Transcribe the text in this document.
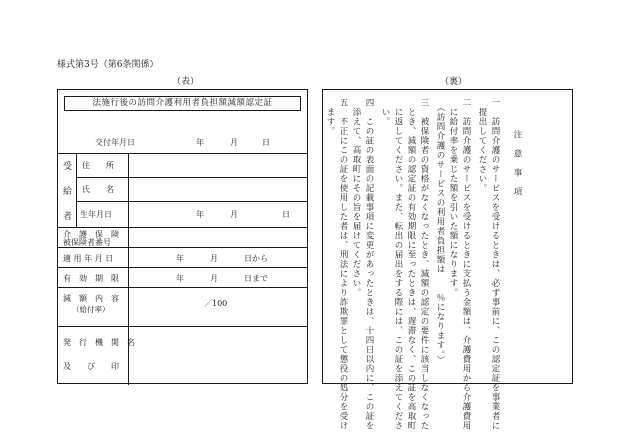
様式第3号（第6条関係）
（表）	（裏）
法施行後の訪問介護利用者負担額減額認定証
交付年月日	年	月	日
受
給
者
住　　所
氏　　名
生年月日	年	月	日
介　護　保　険
被保険者番号
適 用 年 月 日	年	月	日から
有　効　期　限	年	月	日まで
減　額　内　容
（給付率）
／100
発　行　機　関　名
及　　び　　印
注　意　事　項
一　訪問介護のサービスを受けるときは、必ず事前に、この認定証を事業者に
　提出してください。
二　訪問介護のサービスを受けるときに支払う金額は、介護費用から介護費用
　に給付率を乗じた額を引いた額になります。
　（訪問介護のサービスの利用者負担額は　　％になります。）
三　被保険者の資格がなくなったとき、減額の認定の要件に該当しなくなった
　とき、減額の認定証の有効期限に至ったときは、遅滞なく、この証を高取町
　に返してください。また、転出の届出をする際には、この証を添えてくださ
　い。
四　この証の表面の記載事項に変更があったときは、十四日以内に、この証を
　添えて、高取町にその旨を届けてください。
五　不正にこの証を使用した者は、刑法により詐欺罪として懲役の処分を受け
　ます。
